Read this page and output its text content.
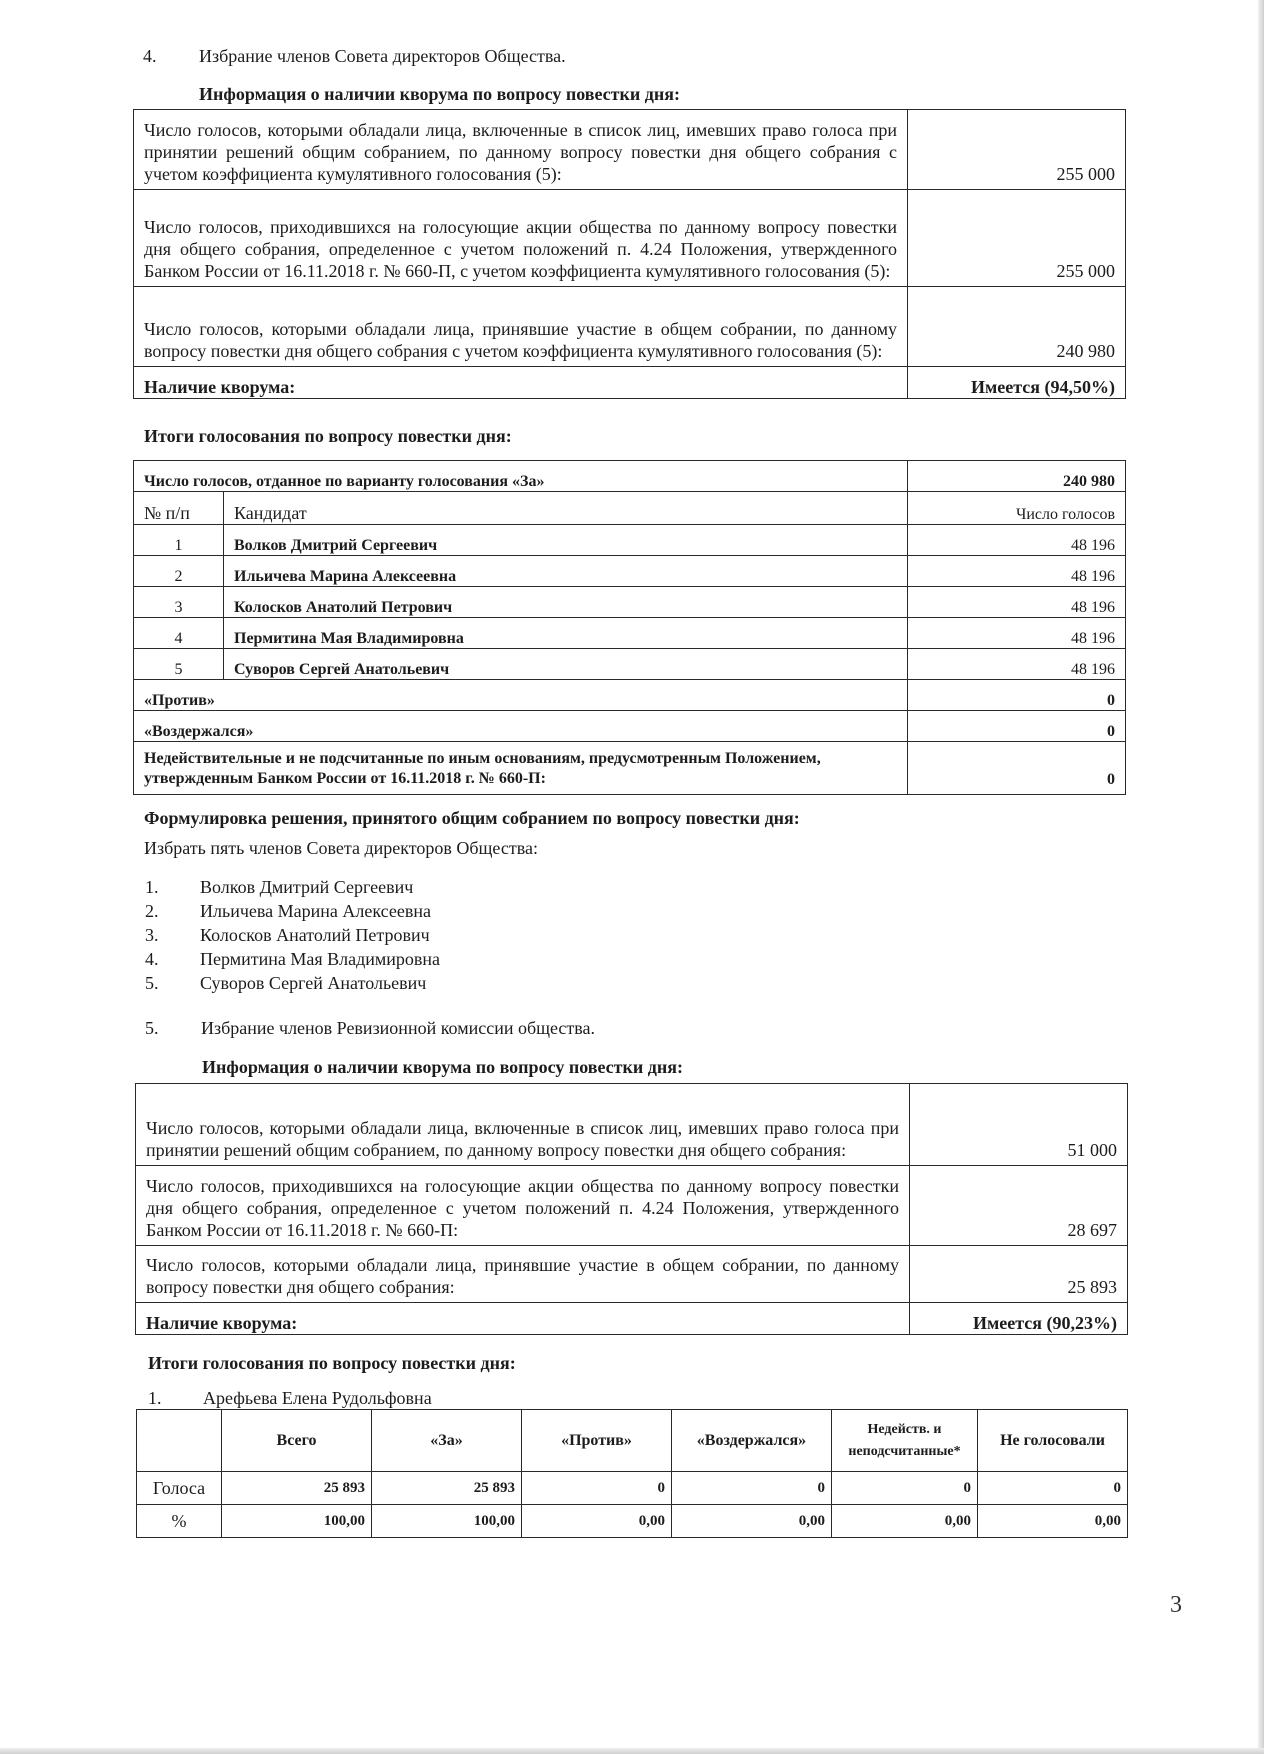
4. Избрание членов Совета директоров Общества.
Информация о наличии кворума по вопросу повестки дня:
Число голосов, которыми обладали лица, включенные в список лиц, имевших право голоса при принятии решений общим собранием, по данному вопросу повестки дня общего собрания с учетом коэффициента кумулятивного голосования (5):	255 000
Число голосов, приходившихся на голосующие акции общества по данному вопросу повестки дня общего собрания, определенное с учетом положений п. 4.24 Положения, утвержденного Банком России от 16.11.2018 г. № 660-П, с учетом коэффициента кумулятивного голосования (5):	255 000
Число голосов, которыми обладали лица, принявшие участие в общем собрании, по данному вопросу повестки дня общего собрания с учетом коэффициента кумулятивного голосования (5):	240 980
Наличие кворума:	Имеется (94,50%)
Итоги голосования по вопросу повестки дня:
Число голосов, отданное по варианту голосования «За»		240 980
№ п/п	Кандидат	Число голосов
1	Волков Дмитрий Сергеевич	48 196
2	Ильичева Марина Алексеевна	48 196
3	Колосков Анатолий Петрович	48 196
4	Пермитина Мая Владимировна	48 196
5	Суворов Сергей Анатольевич	48 196
«Против»		0
«Воздержался»		0
Недействительные и не подсчитанные по иным основаниям, предусмотренным Положением, утвержденным Банком России от 16.11.2018 г. № 660-П:		0
Формулировка решения, принятого общим собранием по вопросу повестки дня:
Избрать пять членов Совета директоров Общества:
1. Волков Дмитрий Сергеевич
2. Ильичева Марина Алексеевна
3. Колосков Анатолий Петрович
4. Пермитина Мая Владимировна
5. Суворов Сергей Анатольевич
5. Избрание членов Ревизионной комиссии общества.
Информация о наличии кворума по вопросу повестки дня:
Число голосов, которыми обладали лица, включенные в список лиц, имевших право голоса при принятии решений общим собранием, по данному вопросу повестки дня общего собрания:	51 000
Число голосов, приходившихся на голосующие акции общества по данному вопросу повестки дня общего собрания, определенное с учетом положений п. 4.24 Положения, утвержденного Банком России от 16.11.2018 г. № 660-П:	28 697
Число голосов, которыми обладали лица, принявшие участие в общем собрании, по данному вопросу повестки дня общего собрания:	25 893
Наличие кворума:	Имеется (90,23%)
Итоги голосования по вопросу повестки дня:
1. Арефьева Елена Рудольфовна
	Всего	«За»	«Против»	«Воздержался»	Недейств. и неподсчитанные*	Не голосовали
Голоса	25 893	25 893	0	0	0	0
%	100,00	100,00	0,00	0,00	0,00	0,00
3
